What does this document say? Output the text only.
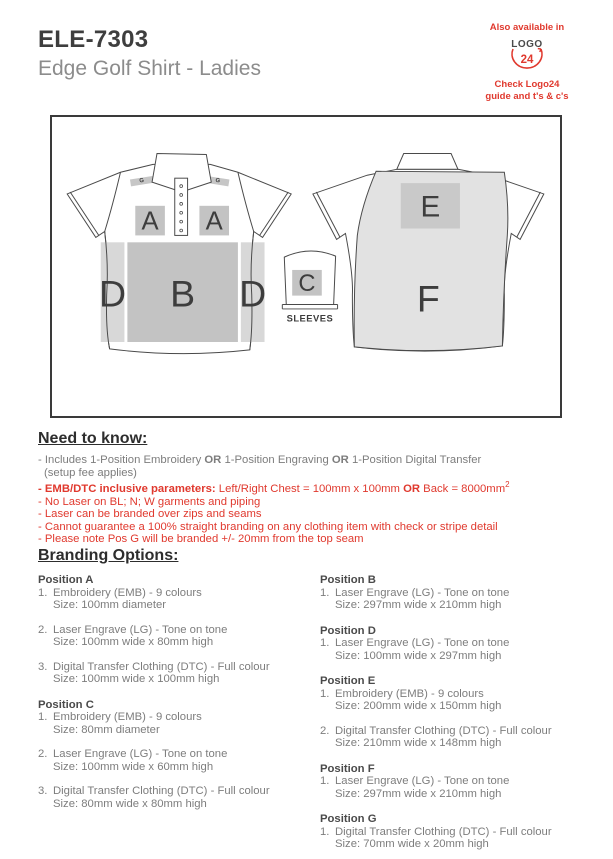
ELE-7303
Edge Golf Shirt - Ladies
Also available in
LOGO
24
Check Logo24
guide and t's & c's
G	G
A A
B
D	D C
SLEEVES
E
F
Need to know:
- Includes 1-Position Embroidery OR 1-Position Engraving OR 1-Position Digital Transfer
(setup fee applies)
- EMB/DTC inclusive parameters: Left/Right Chest = 100mm x 100mm OR Back = $8000mm^2$
- No Laser on BL; N; W garments and piping
- Laser can be branded over zips and seams
- Cannot guarantee a 100% straight branding on any clothing item with check or stripe detail
- Please note Pos G will be branded +/- 20mm from the top seam
Branding Options:
Position A
1. Embroidery (EMB) - 9 colours
Size: 100mm diameter
2. Laser Engrave (LG) - Tone on tone
Size: 100mm wide x 80mm high
3. Digital Transfer Clothing (DTC) - Full colour
Size: 100mm wide x 100mm high
Position C
1. Embroidery (EMB) - 9 colours
Size: 80mm diameter
2. Laser Engrave (LG) - Tone on tone
Size: 100mm wide x 60mm high
3. Digital Transfer Clothing (DTC) - Full colour
Size: 80mm wide x 80mm high
Position B
1. Laser Engrave (LG) - Tone on tone
Size: 297mm wide x 210mm high
Position D
1. Laser Engrave (LG) - Tone on tone
Size: 100mm wide x 297mm high
Position E
1. Embroidery (EMB) - 9 colours
Size: 200mm wide x 150mm high
2. Digital Transfer Clothing (DTC) - Full colour
Size: 210mm wide x 148mm high
Position F
1. Laser Engrave (LG) - Tone on tone
Size: 297mm wide x 210mm high
Position G
1. Digital Transfer Clothing (DTC) - Full colour
Size: 70mm wide x 20mm high
